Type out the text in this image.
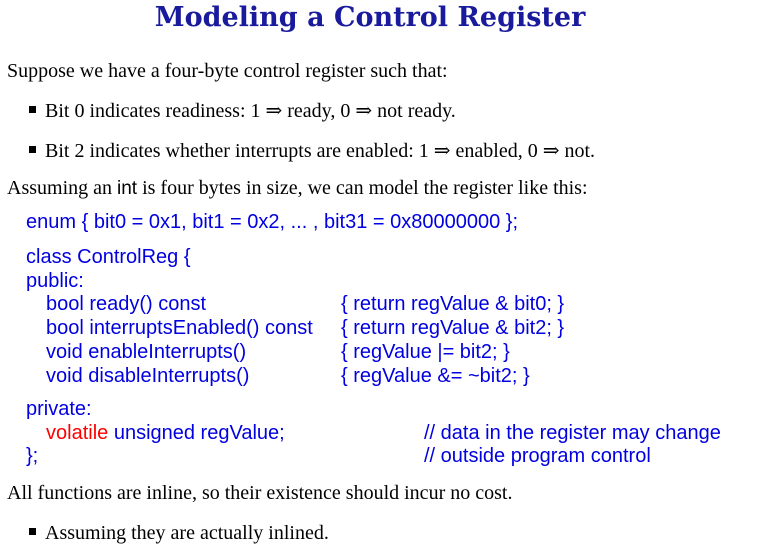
Modeling a Control Register
Suppose we have a four-byte control register such that:
Bit 0 indicates readiness: 1 ⇒ ready, 0 ⇒ not ready.
Bit 2 indicates whether interrupts are enabled: 1 ⇒ enabled, 0 ⇒ not.
Assuming an int is four bytes in size, we can model the register like this:
enum { bit0 = 0x1, bit1 = 0x2, ... , bit31 = 0x80000000 };
class ControlReg {
public:
bool ready() const	{ return regValue & bit0; }
bool interruptsEnabled() const { return regValue & bit2; }
void enableInterrupts()	{ regValue |= bit2; }
void disableInterrupts()	{ regValue &= ~bit2; }
private:
volatile unsigned regValue;	// data in the register may change
};	// outside program control
All functions are inline, so their existence should incur no cost.
Assuming they are actually inlined.
